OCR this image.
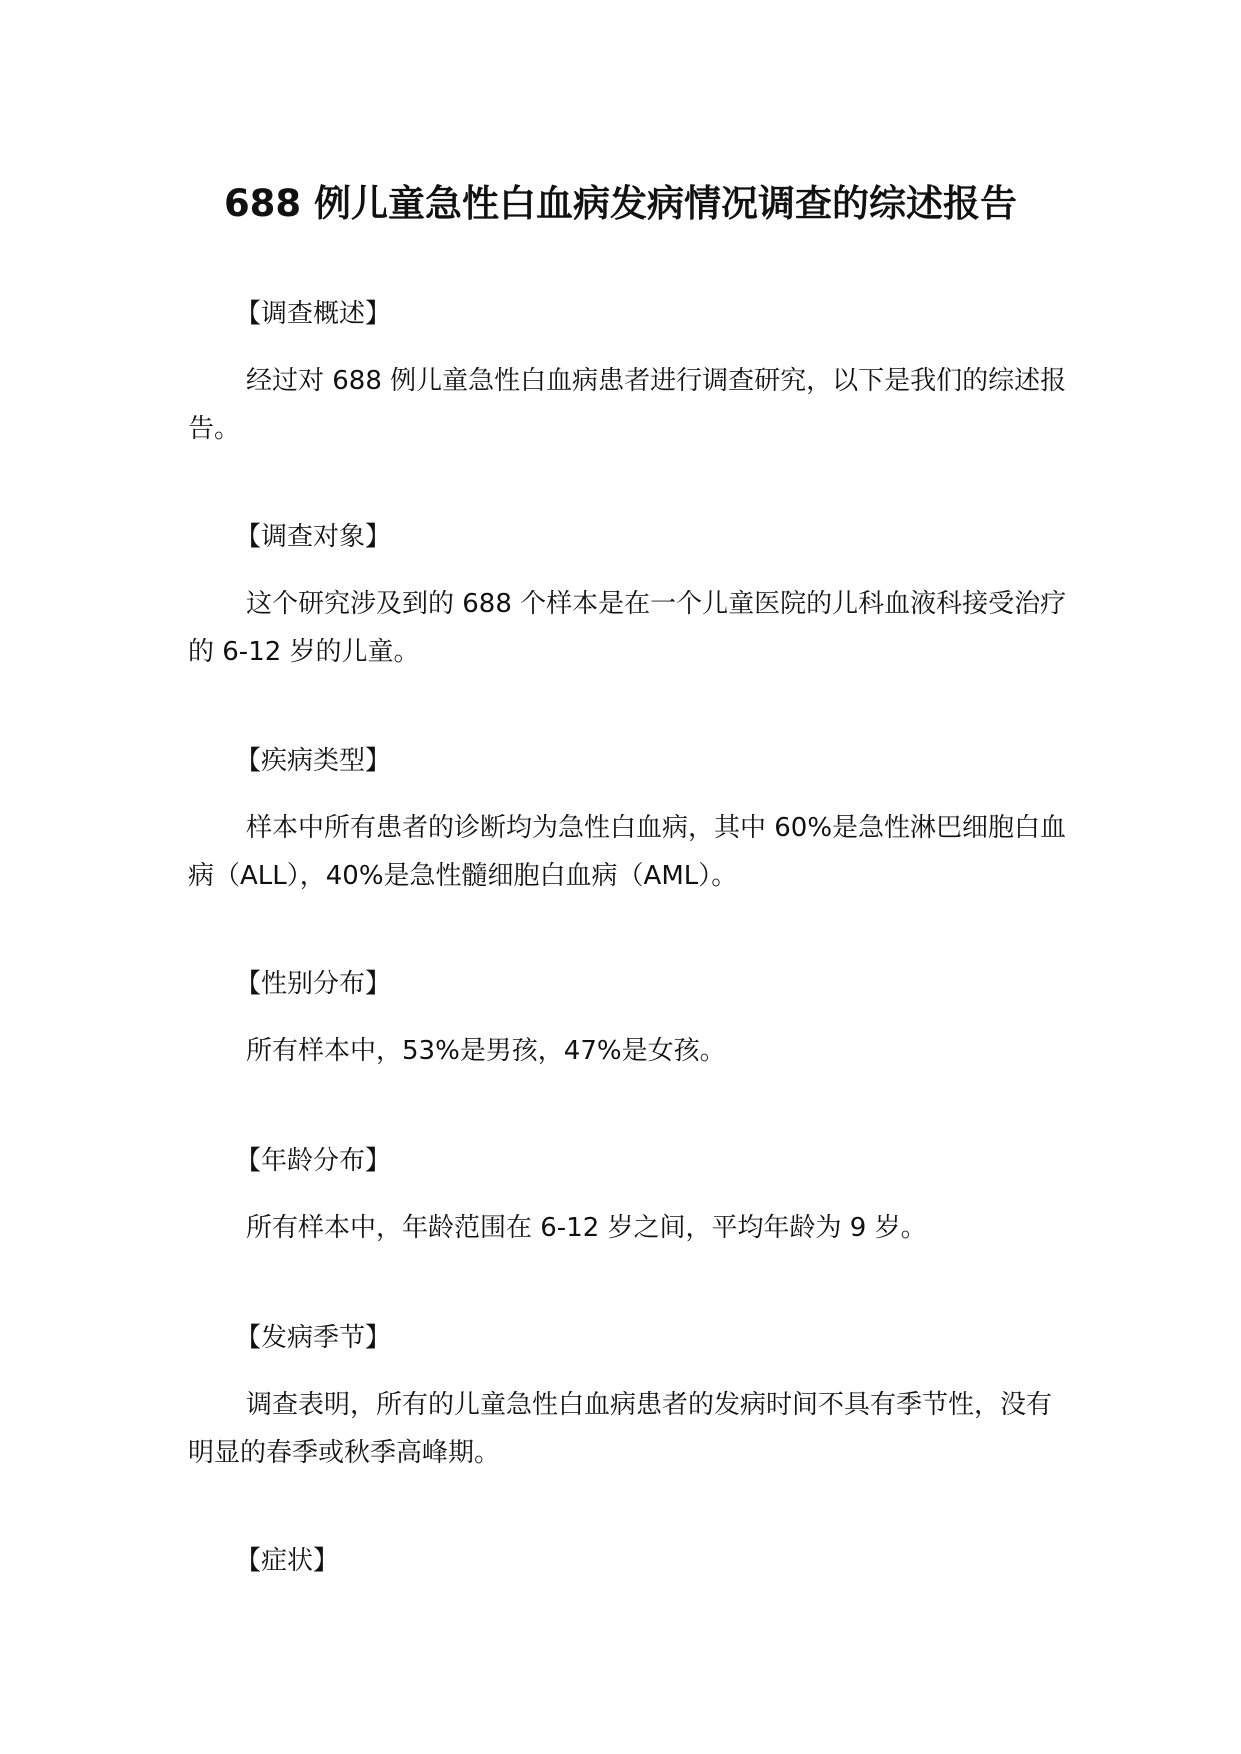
688 例儿童急性白血病发病情况调查的综述报告
【调查概述】
经过对 688 例儿童急性白血病患者进行调查研究，以下是我们的综述报告。
【调查对象】
这个研究涉及到的 688 个样本是在一个儿童医院的儿科血液科接受治疗的 6-12 岁的儿童。
【疾病类型】
样本中所有患者的诊断均为急性白血病，其中 60%是急性淋巴细胞白血病（ALL），40%是急性髓细胞白血病（AML）。
【性别分布】
所有样本中，53%是男孩，47%是女孩。
【年龄分布】
所有样本中，年龄范围在 6-12 岁之间，平均年龄为 9 岁。
【发病季节】
调查表明，所有的儿童急性白血病患者的发病时间不具有季节性，没有明显的春季或秋季高峰期。
【症状】
